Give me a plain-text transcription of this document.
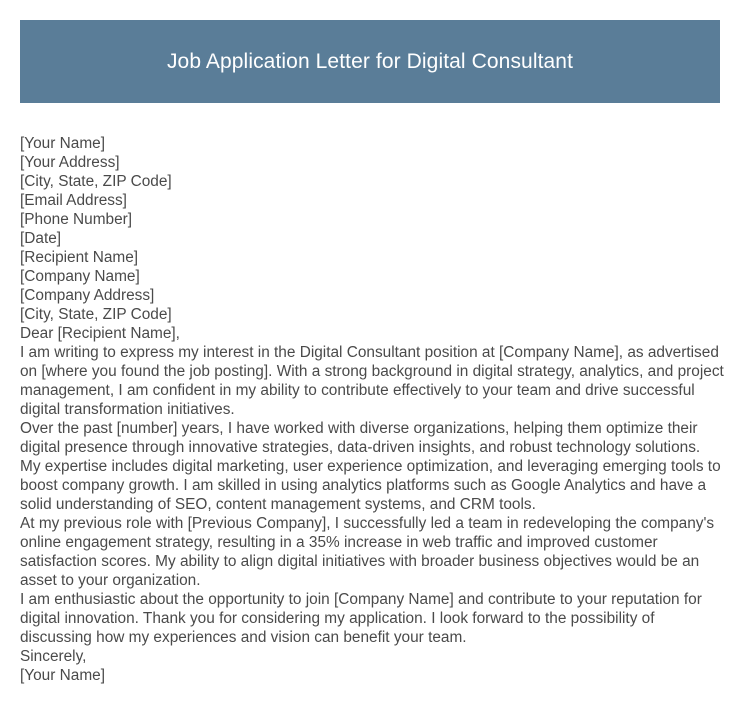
Job Application Letter for Digital Consultant
[Your Name]
[Your Address]
[City, State, ZIP Code]
[Email Address]
[Phone Number]
[Date]
[Recipient Name]
[Company Name]
[Company Address]
[City, State, ZIP Code]
Dear [Recipient Name],
I am writing to express my interest in the Digital Consultant position at [Company Name], as advertised on [where you found the job posting]. With a strong background in digital strategy, analytics, and project management, I am confident in my ability to contribute effectively to your team and drive successful digital transformation initiatives.
Over the past [number] years, I have worked with diverse organizations, helping them optimize their digital presence through innovative strategies, data-driven insights, and robust technology solutions. My expertise includes digital marketing, user experience optimization, and leveraging emerging tools to boost company growth. I am skilled in using analytics platforms such as Google Analytics and have a solid understanding of SEO, content management systems, and CRM tools.
At my previous role with [Previous Company], I successfully led a team in redeveloping the company's online engagement strategy, resulting in a 35% increase in web traffic and improved customer satisfaction scores. My ability to align digital initiatives with broader business objectives would be an asset to your organization.
I am enthusiastic about the opportunity to join [Company Name] and contribute to your reputation for digital innovation. Thank you for considering my application. I look forward to the possibility of discussing how my experiences and vision can benefit your team.
Sincerely,
[Your Name]
